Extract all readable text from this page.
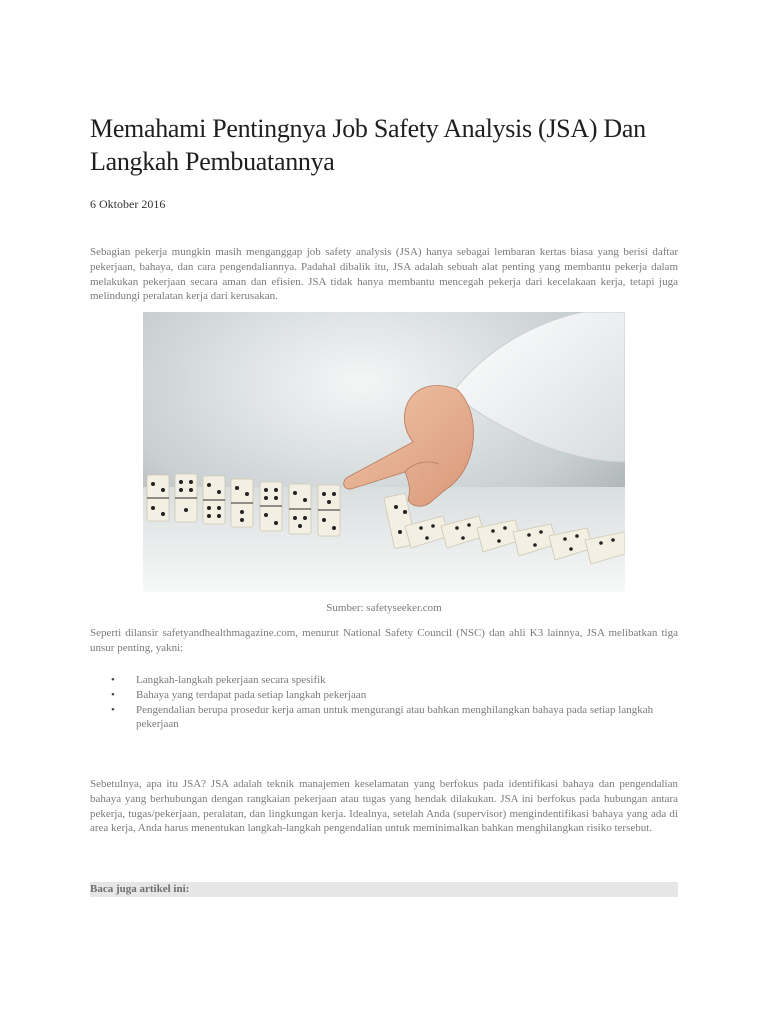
Memahami Pentingnya Job Safety Analysis (JSA) Dan Langkah Pembuatannya
6 Oktober 2016

Sebagian pekerja mungkin masih menganggap job safety analysis (JSA) hanya sebagai lembaran kertas biasa yang berisi daftar pekerjaan, bahaya, dan cara pengendaliannya. Padahal dibalik itu, JSA adalah sebuah alat penting yang membantu pekerja dalam melakukan pekerjaan secara aman dan efisien. JSA tidak hanya membantu mencegah pekerja dari kecelakaan kerja, tetapi juga melindungi peralatan kerja dari kerusakan.

Sumber: safetyseeker.com

Seperti dilansir safetyandhealthmagazine.com, menurut National Safety Council (NSC) dan ahli K3 lainnya, JSA melibatkan tiga unsur penting, yakni:

• Langkah-langkah pekerjaan secara spesifik
• Bahaya yang terdapat pada setiap langkah pekerjaan
• Pengendalian berupa prosedur kerja aman untuk mengurangi atau bahkan menghilangkan bahaya pada setiap langkah pekerjaan

Sebetulnya, apa itu JSA? JSA adalah teknik manajemen keselamatan yang berfokus pada identifikasi bahaya dan pengendalian bahaya yang berhubungan dengan rangkaian pekerjaan atau tugas yang hendak dilakukan. JSA ini berfokus pada hubungan antara pekerja, tugas/pekerjaan, peralatan, dan lingkungan kerja. Idealnya, setelah Anda (supervisor) mengindentifikasi bahaya yang ada di area kerja, Anda harus menentukan langkah-langkah pengendalian untuk meminimalkan bahkan menghilangkan risiko tersebut.

Baca juga artikel ini:
